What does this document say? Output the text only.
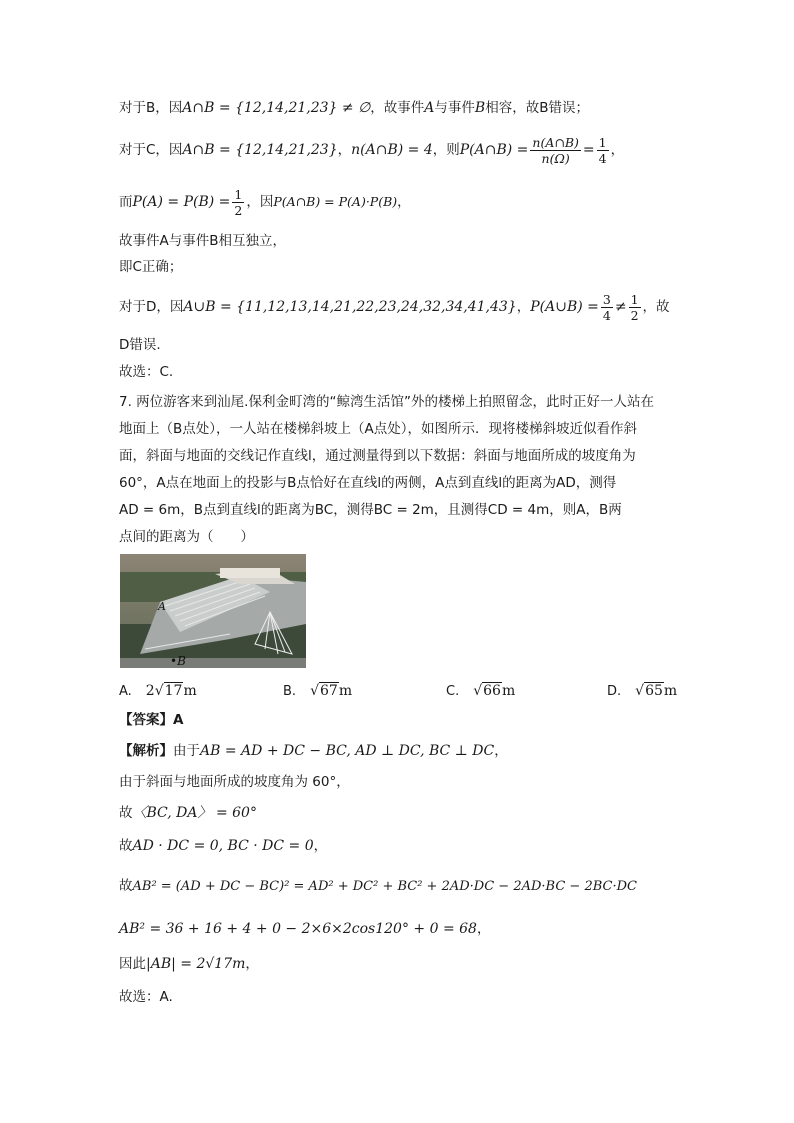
对于B，因A∩B = {12,14,21,23} ≠ ∅，故事件A与事件B相容，故B错误；
对于C，因A∩B = {12,14,21,23}，n(A∩B) = 4，则P(A∩B) = $\frac{n(A\cap B)}{n(\Omega)} = \frac{1}{4}$ ，
而$P(A) = P(B) = \frac{1}{2}$ ，因P(A∩B) = P(A)·P(B)，
故事件A与事件B相互独立，
即C正确；
对于D，因A∪B = {11,12,13,14,21,22,23,24,32,34,41,43}，P(A∪B) = $\frac{3}{4} \ne \frac{1}{2}$ ，故
D错误.
故选：C.
7. 两位游客来到汕尾.保利金町湾的“鲸湾生活馆”外的楼梯上拍照留念，此时正好一人站在
地面上（B点处），一人站在楼梯斜坡上（A点处），如图所示．现将楼梯斜坡近似看作斜
面，斜面与地面的交线记作直线l，通过测量得到以下数据：斜面与地面所成的坡度角为
60°，A点在地面上的投影与B点恰好在直线l的两侧，A点到直线l的距离为AD，测得
AD = 6m，B点到直线l的距离为BC，测得BC = 2m，且测得CD = 4m，则A，B两
点间的距离为（　　）
A
•B
A. 2√17m	B. √67m	C. √66m	D. √65m
【答案】A
【解析】由于AB = AD + DC − BC, AD ⊥ DC, BC ⊥ DC，
由于斜面与地面所成的坡度角为 60°，
故〈BC, DA〉 = 60°
故AD · DC = 0, BC · DC = 0，
故AB² = (AD + DC − BC)² = AD² + DC² + BC² + 2AD·DC − 2AD·BC − 2BC·DC
AB² = 36 + 16 + 4 + 0 − 2×6×2cos120° + 0 = 68，
因此|AB| = 2√17m，
故选：A.
